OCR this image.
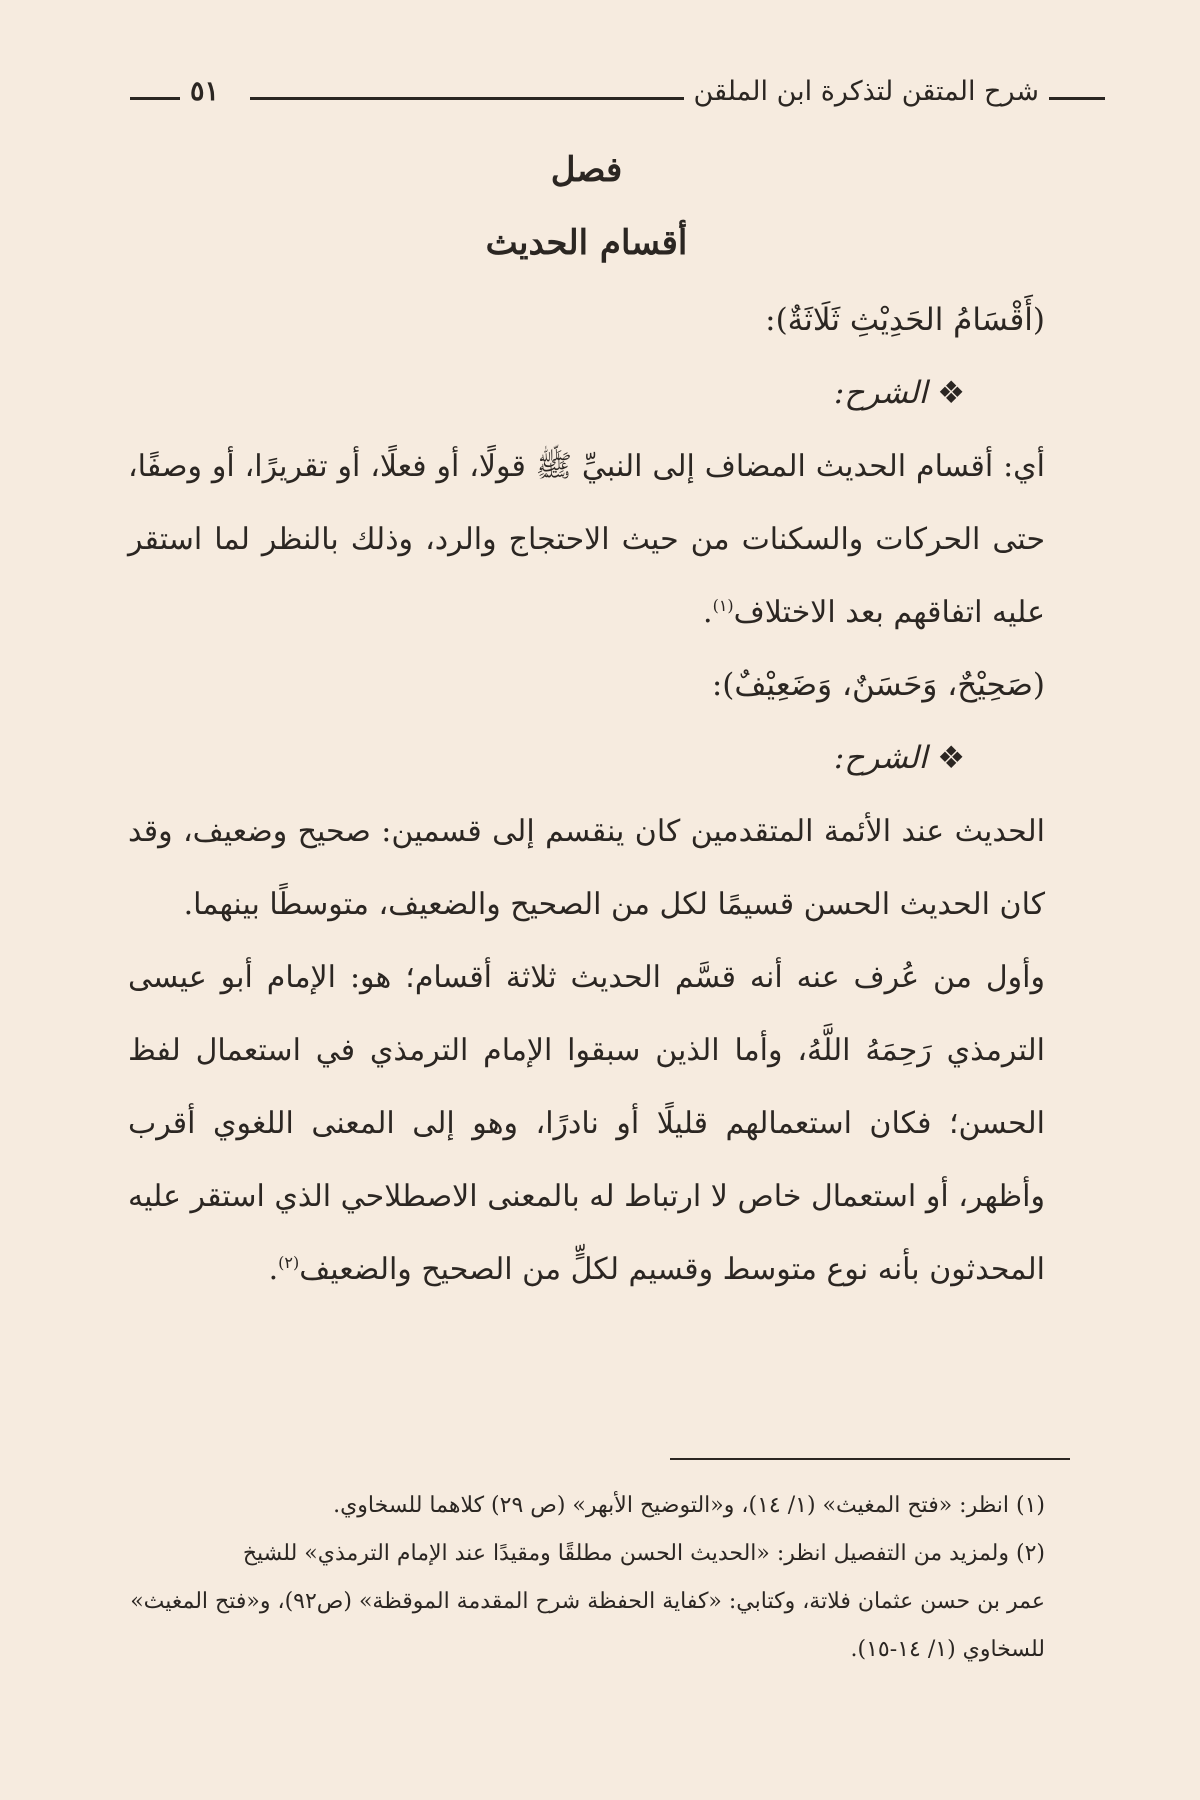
شرح المتقن لتذكرة ابن الملقن
٥١
فصل
أقسام الحديث

(أَقْسَامُ الحَدِيْثِ ثَلَاثَةٌ):

❖الشرح:

أي: أقسام الحديث المضاف إلى النبيِّ ﷺ قولًا، أو فعلًا، أو تقريرًا، أو وصفًا، حتى الحركات والسكنات من حيث الاحتجاج والرد، وذلك بالنظر لما استقر عليه اتفاقهم بعد الاختلاف$^{(١)}$.

(صَحِيْحٌ، وَحَسَنٌ، وَضَعِيْفٌ):

❖الشرح:

الحديث عند الأئمة المتقدمين كان ينقسم إلى قسمين: صحيح وضعيف، وقد كان الحديث الحسن قسيمًا لكل من الصحيح والضعيف، متوسطًا بينهما.

وأول من عُرف عنه أنه قسَّم الحديث ثلاثة أقسام؛ هو: الإمام أبو عيسى الترمذي رَحِمَهُ اللَّهُ، وأما الذين سبقوا الإمام الترمذي في استعمال لفظ الحسن؛ فكان استعمالهم قليلًا أو نادرًا، وهو إلى المعنى اللغوي أقرب وأظهر، أو استعمال خاص لا ارتباط له بالمعنى الاصطلاحي الذي استقر عليه المحدثون بأنه نوع متوسط وقسيم لكلٍّ من الصحيح والضعيف$^{(٢)}$.

(١) انظر: «فتح المغيث» (١/ ١٤)، و«التوضيح الأبهر» (ص ٢٩) كلاهما للسخاوي.

(٢) ولمزيد من التفصيل انظر: «الحديث الحسن مطلقًا ومقيدًا عند الإمام الترمذي» للشيخ

عمر بن حسن عثمان فلاتة، وكتابي: «كفاية الحفظة شرح المقدمة الموقظة» (ص٩٢)، و«فتح المغيث»

للسخاوي (١/ ١٤-١٥).
